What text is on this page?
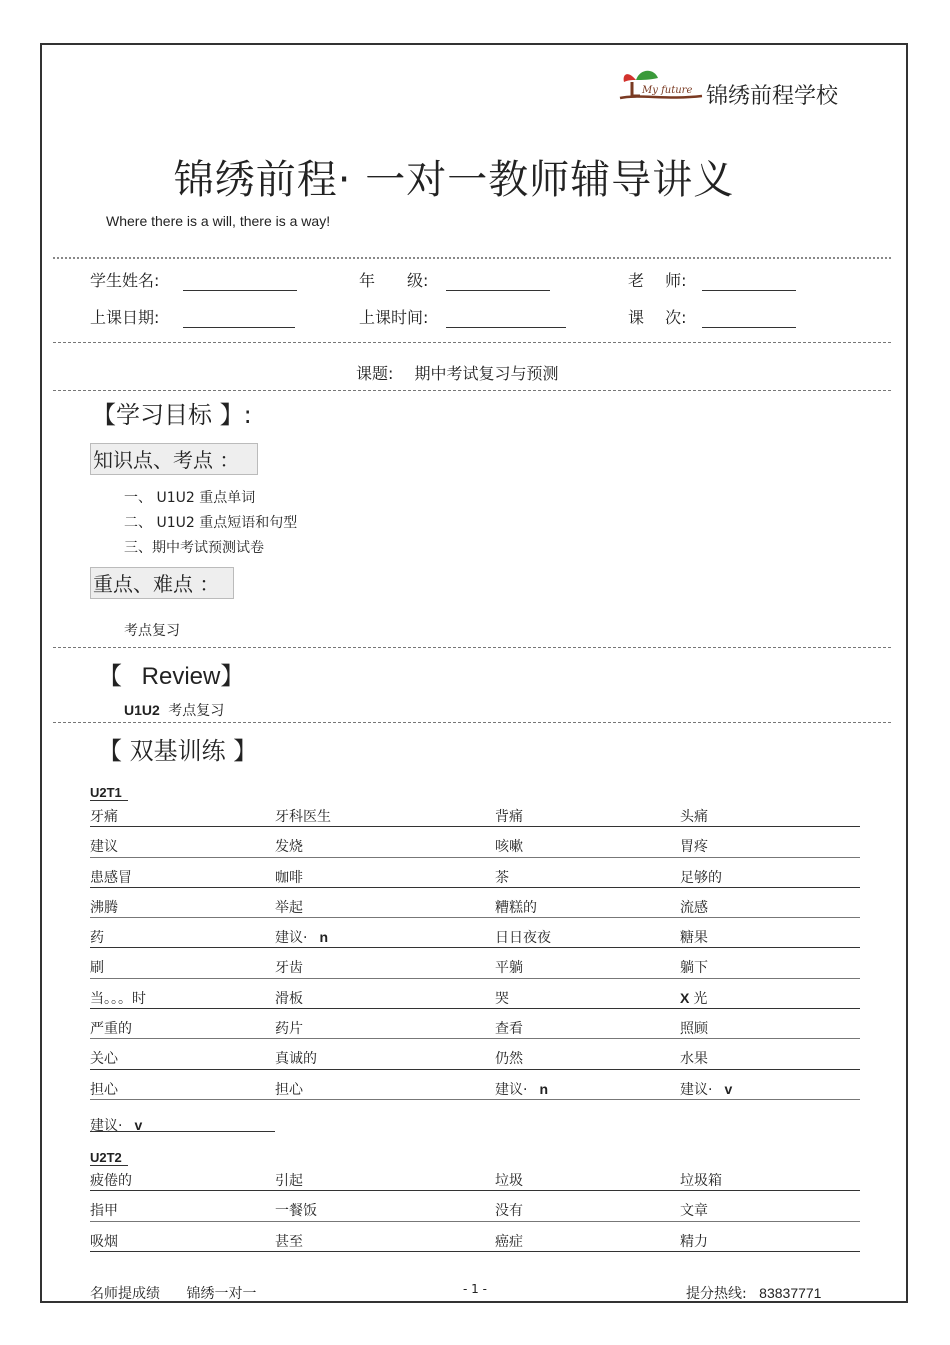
My future 锦绣前程学校
锦绣前程· 一对一教师辅导讲义
Where there is a will, there is a way!
学生姓名:	年　　级:	老　 师:
上课日期:	上课时间:	课　 次:
课题: 期中考试复习与预测
【学习目标 】:
知识点、考点 ：
一、 U1U2 重点单词
二、 U1U2 重点短语和句型
三、期中考试预测试卷
重点、难点 ：
考点复习
【 Review】
U1U2 考点复习
【 双基训练 】
U2T1
牙痛	牙科医生	背痛	头痛
建议	发烧	咳嗽	胃疼
患感冒	咖啡	茶	足够的
沸腾	举起	糟糕的	流感
药	建议· n	日日夜夜	糖果
刷	牙齿	平躺	躺下
当。。。时	滑板	哭	X 光
严重的	药片	查看	照顾
关心	真诚的	仍然	水果
担心	担心	建议· n	建议· v
建议· v
U2T2
疲倦的	引起	垃圾	垃圾箱
指甲	一餐饭	没有	文章
吸烟	甚至	癌症	精力
名师提成绩 锦绣一对一	- 1 -	提分热线: 83837771
